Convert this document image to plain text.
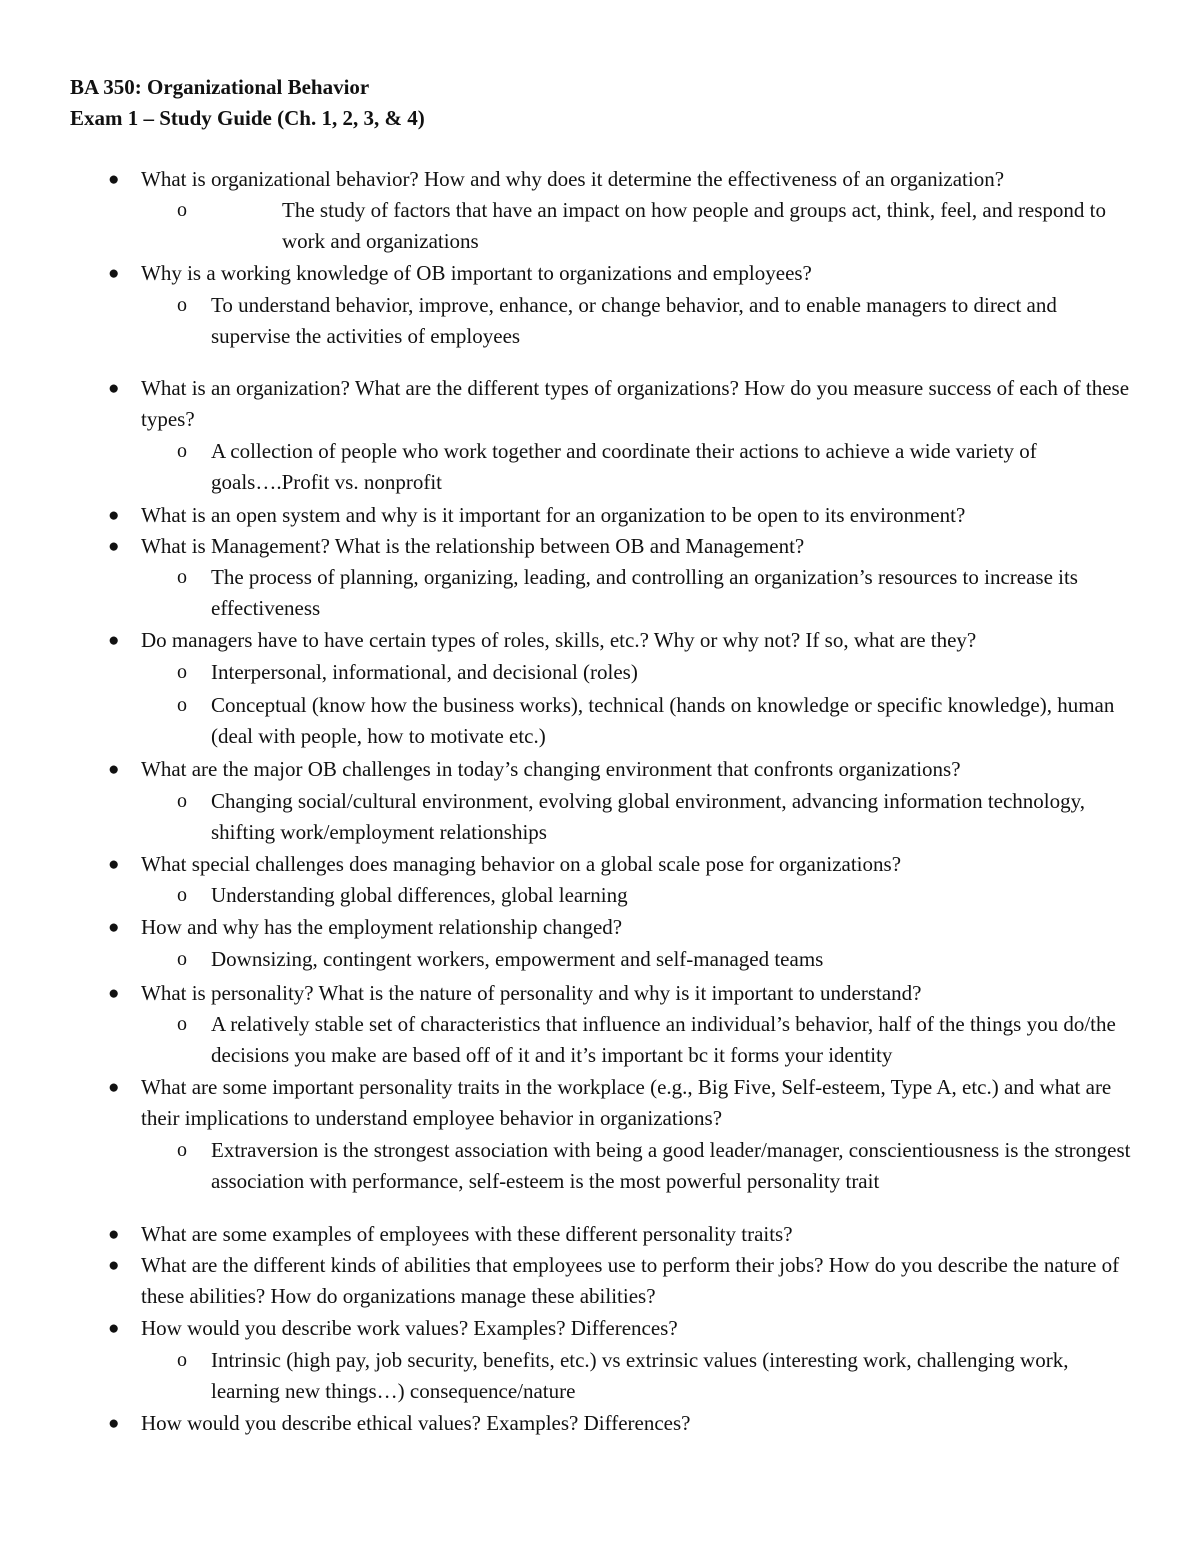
BA 350: Organizational Behavior
Exam 1 – Study Guide (Ch. 1, 2, 3, & 4)
● What is organizational behavior? How and why does it determine the effectiveness of an organization?
o	The study of factors that have an impact on how people and groups act, think, feel, and respond to work and organizations
● Why is a working knowledge of OB important to organizations and employees?
o To understand behavior, improve, enhance, or change behavior, and to enable managers to direct and supervise the activities of employees
● What is an organization? What are the different types of organizations? How do you measure success of each of these types?
o A collection of people who work together and coordinate their actions to achieve a wide variety of goals….Profit vs. nonprofit
● What is an open system and why is it important for an organization to be open to its environment?
● What is Management? What is the relationship between OB and Management?
o The process of planning, organizing, leading, and controlling an organization’s resources to increase its effectiveness
● Do managers have to have certain types of roles, skills, etc.? Why or why not? If so, what are they?
o Interpersonal, informational, and decisional (roles)
o Conceptual (know how the business works), technical (hands on knowledge or specific knowledge), human (deal with people, how to motivate etc.)
● What are the major OB challenges in today’s changing environment that confronts organizations?
o Changing social/cultural environment, evolving global environment, advancing information technology, shifting work/employment relationships
● What special challenges does managing behavior on a global scale pose for organizations?
o Understanding global differences, global learning
● How and why has the employment relationship changed?
o Downsizing, contingent workers, empowerment and self-managed teams
● What is personality? What is the nature of personality and why is it important to understand?
o A relatively stable set of characteristics that influence an individual’s behavior, half of the things you do/the decisions you make are based off of it and it’s important bc it forms your identity
● What are some important personality traits in the workplace (e.g., Big Five, Self-esteem, Type A, etc.) and what are their implications to understand employee behavior in organizations?
o Extraversion is the strongest association with being a good leader/manager, conscientiousness is the strongest association with performance, self-esteem is the most powerful personality trait
● What are some examples of employees with these different personality traits?
● What are the different kinds of abilities that employees use to perform their jobs? How do you describe the nature of these abilities? How do organizations manage these abilities?
● How would you describe work values? Examples? Differences?
o Intrinsic (high pay, job security, benefits, etc.) vs extrinsic values (interesting work, challenging work, learning new things…) consequence/nature
● How would you describe ethical values? Examples? Differences?
